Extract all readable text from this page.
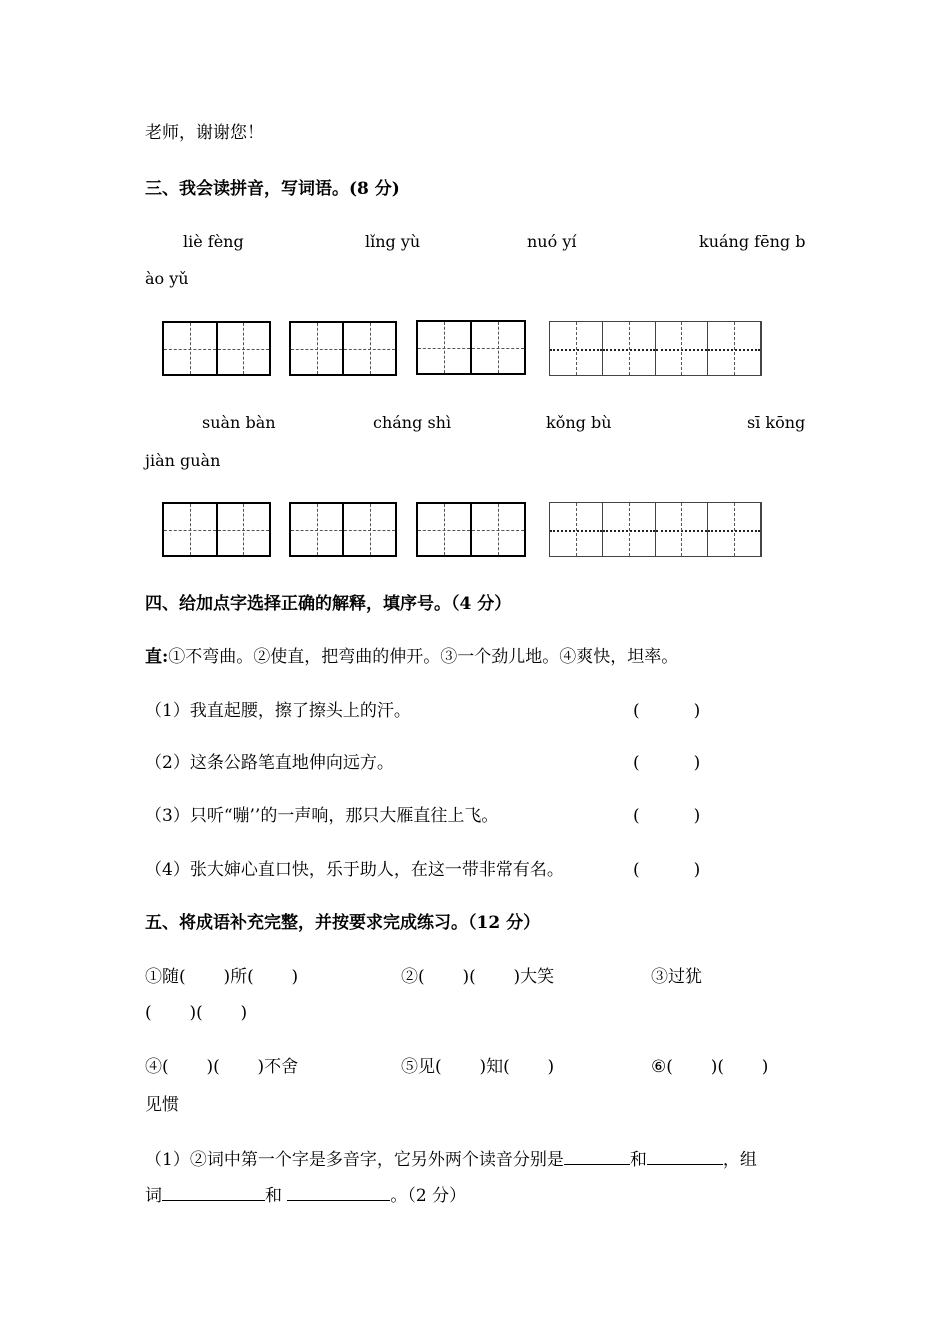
老师，谢谢您！
三、我会读拼音，写词语。(8 分)
liè fèng	lǐng yù	nuó yí	kuáng fēng b
ào yǔ
suàn bàn	cháng shì	kǒng bù	sī kōng
jiàn guàn
四、给加点字选择正确的解释，填序号。（4 分）
直:①不弯曲。②使直，把弯曲的伸开。③一个劲儿地。④爽快，坦率。
（1）我直起腰，擦了擦头上的汗。	(          )
（2）这条公路笔直地伸向远方。	(          )
（3）只听“嘣’’的一声响，那只大雁直往上飞。	(          )
（4）张大婶心直口快，乐于助人，在这一带非常有名。	(          )
五、将成语补充完整，并按要求完成练习。（12 分）
①随(       )所(       )	②(       )(       )大笑	③过犹
(       )(       )
④(       )(       )不舍	⑤见(       )知(       )	⑥(       )(       )
见惯
（1）②词中第一个字是多音字，它另外两个读音分别是	和	，组
词	和	。（2 分）
